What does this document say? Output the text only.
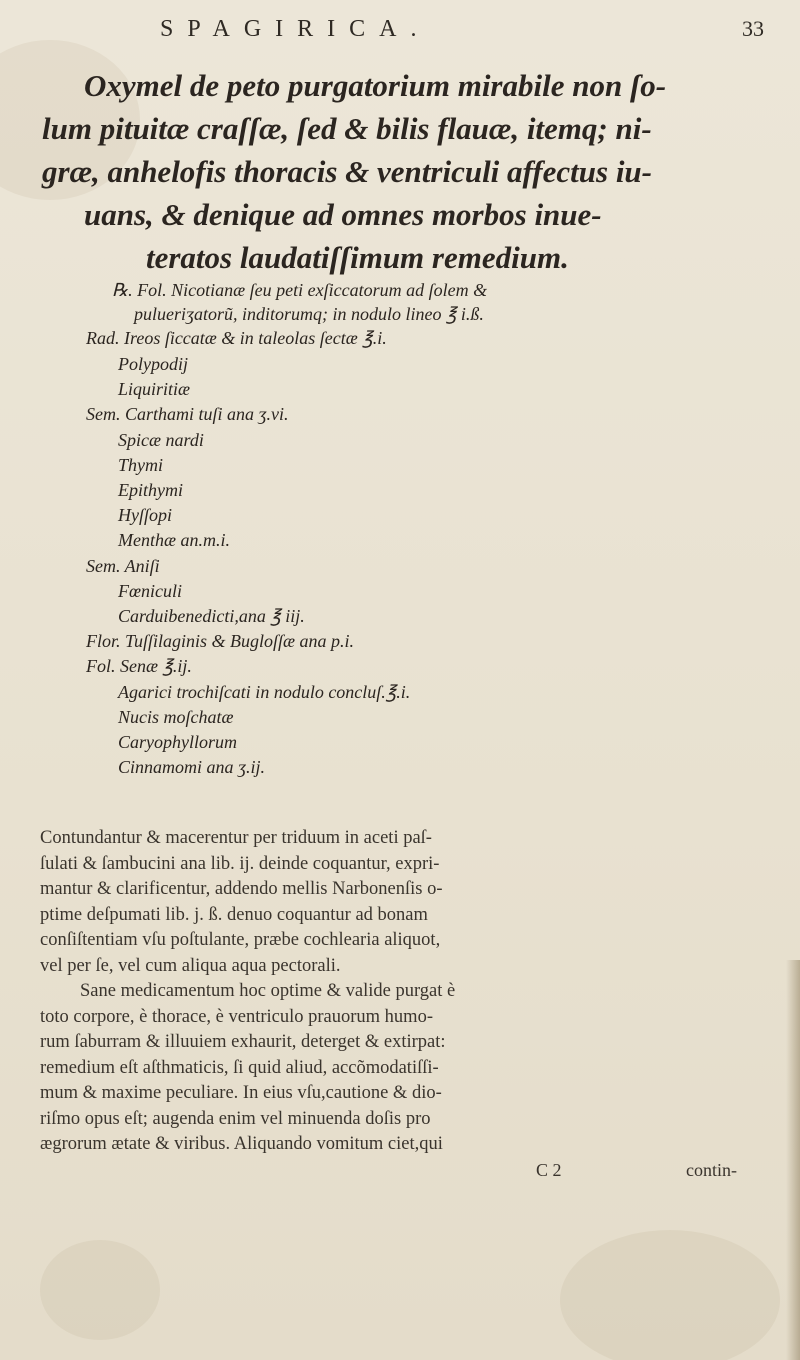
SPAGIRICA.	33
Oxymel de peto purgatorium mirabile non ſo-
lum pituitæ craſſæ, ſed & bilis flauæ, itemq; ni-
græ, anhelofis thoracis & ventriculi affectus iu-
uans, & denique ad omnes morbos inue-
teratos laudatiſſimum remedium.
℞. Fol. Nicotianæ ſeu peti exſiccatorum ad ſolem &
pulueriʒatorũ, inditorumq; in nodulo lineo ℥ i.ß.
Rad. Ireos ſiccatæ & in taleolas ſectæ ℥.i.
Polypodij
Liquiritiæ
Sem. Carthami tuſi ana ʒ.vi.
Spicæ nardi
Thymi
Epithymi
Hyſſopi
Menthæ an.m.i.
Sem. Aniſi
Fœniculi
Carduibenedicti,ana ℥ iij.
Flor. Tuſſilaginis & Buglоſſæ ana p.i.
Fol. Senæ ℥.ij.
Agarici trochiſcati in nodulo concluſ.℥.i.
Nucis moſchatæ
Caryophyllorum
Cinnamomi ana ʒ.ij.
Contundantur & macerentur per triduum in aceti paſ-
ſulati & ſambucini ana lib. ij. deinde coquantur, expri-
mantur & clarificentur, addendo mellis Narbonenſis o-
ptime deſpumati lib. j. ß. denuo coquantur ad bonam
conſiſtentiam vſu poſtulante, præbe cochlearia aliquot,
vel per ſe, vel cum aliqua aqua pectorali.
Sane medicamentum hoc optime & valide purgat è
toto corpore, è thorace, è ventriculo prauorum humo-
rum ſaburram & illuuiem exhaurit, deterget & extirpat:
remedium eſt aſthmaticis, ſi quid aliud, accõmodatiſſi-
mum & maxime peculiare. In eius vſu,cautione & dio-
riſmo opus eſt; augenda enim vel minuenda doſis pro
ægrorum ætate & viribus. Aliquando vomitum ciet,qui
C 2	contin-
